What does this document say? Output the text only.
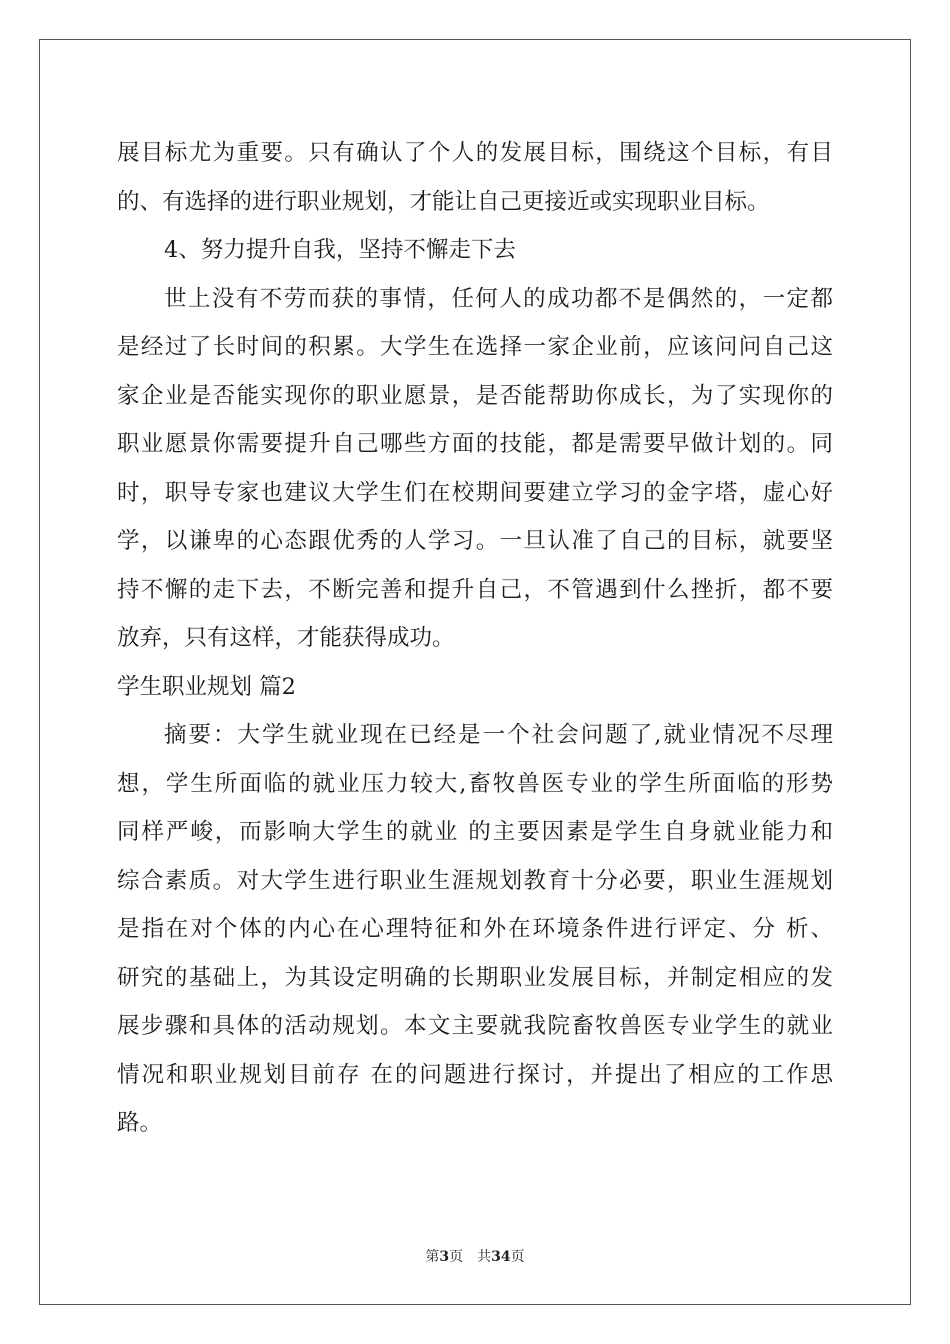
展目标尤为重要。只有确认了个人的发展目标，围绕这个目标，有目
的、有选择的进行职业规划，才能让自己更接近或实现职业目标。
4、努力提升自我，坚持不懈走下去
世上没有不劳而获的事情，任何人的成功都不是偶然的，一定都
是经过了长时间的积累。大学生在选择一家企业前，应该问问自己这
家企业是否能实现你的职业愿景，是否能帮助你成长，为了实现你的
职业愿景你需要提升自己哪些方面的技能，都是需要早做计划的。同
时，职导专家也建议大学生们在校期间要建立学习的金字塔，虚心好
学，以谦卑的心态跟优秀的人学习。一旦认准了自己的目标，就要坚
持不懈的走下去，不断完善和提升自己，不管遇到什么挫折，都不要
放弃，只有这样，才能获得成功。
学生职业规划 篇2
摘要：大学生就业现在已经是一个社会问题了,就业情况不尽理
想，学生所面临的就业压力较大,畜牧兽医专业的学生所面临的形势
同样严峻，而影响大学生的就业 的主要因素是学生自身就业能力和
综合素质。对大学生进行职业生涯规划教育十分必要，职业生涯规划
是指在对个体的内心在心理特征和外在环境条件进行评定、分 析、
研究的基础上，为其设定明确的长期职业发展目标，并制定相应的发
展步骤和具体的活动规划。本文主要就我院畜牧兽医专业学生的就业
情况和职业规划目前存 在的问题进行探讨，并提出了相应的工作思
路。
第3页 共34页
